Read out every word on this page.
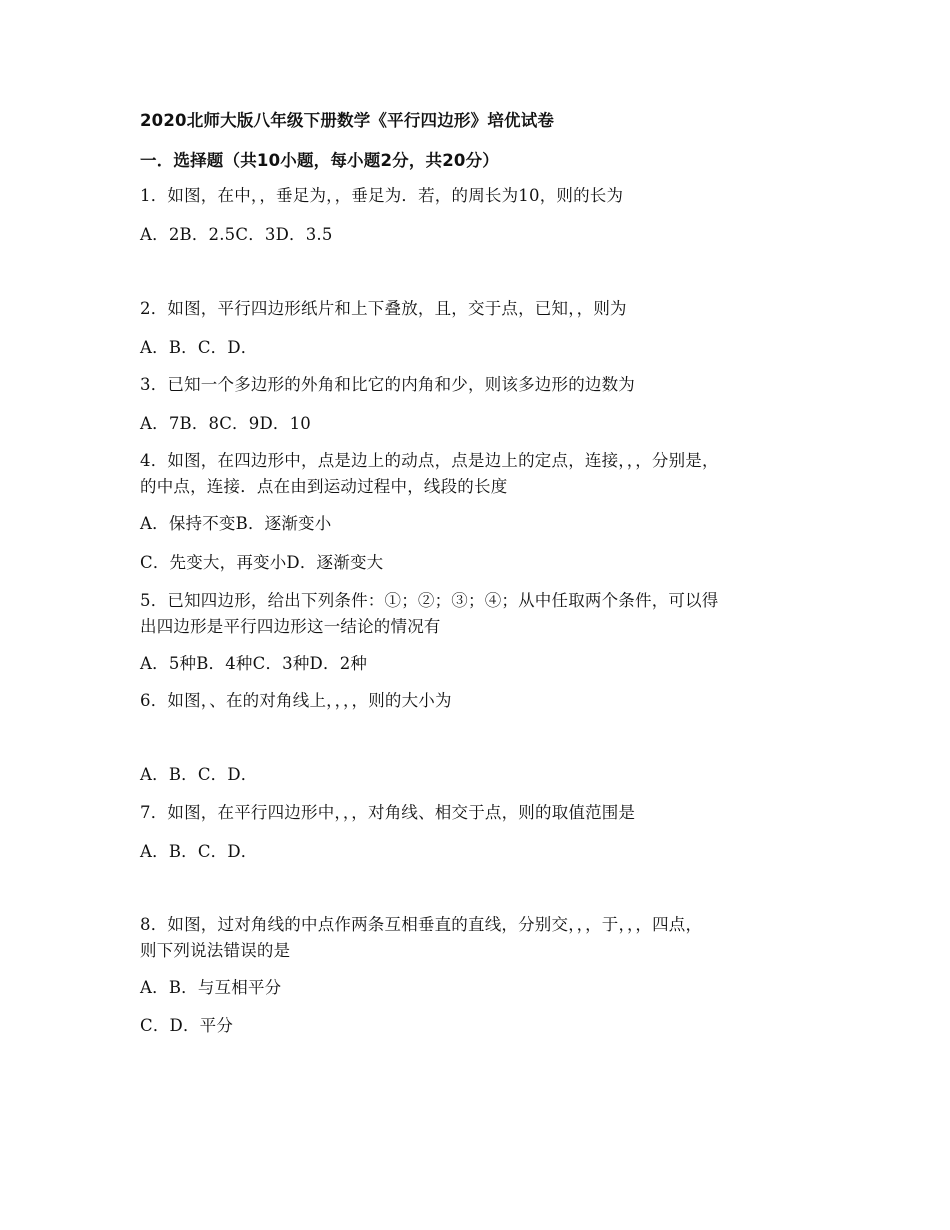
2020北师大版八年级下册数学《平行四边形》培优试卷
一．选择题（共10小题，每小题2分，共20分）
1．如图，在中，，垂足为，，垂足为．若，的周长为10，则的长为
A．2B．2.5C．3D．3.5
2．如图，平行四边形纸片和上下叠放，且，交于点，已知，，则为
A．B．C．D．
3．已知一个多边形的外角和比它的内角和少，则该多边形的边数为
A．7B．8C．9D．10
4．如图，在四边形中，点是边上的动点，点是边上的定点，连接，，，分别是，
的中点，连接．点在由到运动过程中，线段的长度
A．保持不变B．逐渐变小
C．先变大，再变小D．逐渐变大
5．已知四边形，给出下列条件：①；②；③；④；从中任取两个条件，可以得
出四边形是平行四边形这一结论的情况有
A．5种B．4种C．3种D．2种
6．如图，、在的对角线上，，，，则的大小为
A．B．C．D．
7．如图，在平行四边形中，，，对角线、相交于点，则的取值范围是
A．B．C．D．
8．如图，过对角线的中点作两条互相垂直的直线，分别交，，，于，，，四点，
则下列说法错误的是
A．B．与互相平分
C．D．平分
